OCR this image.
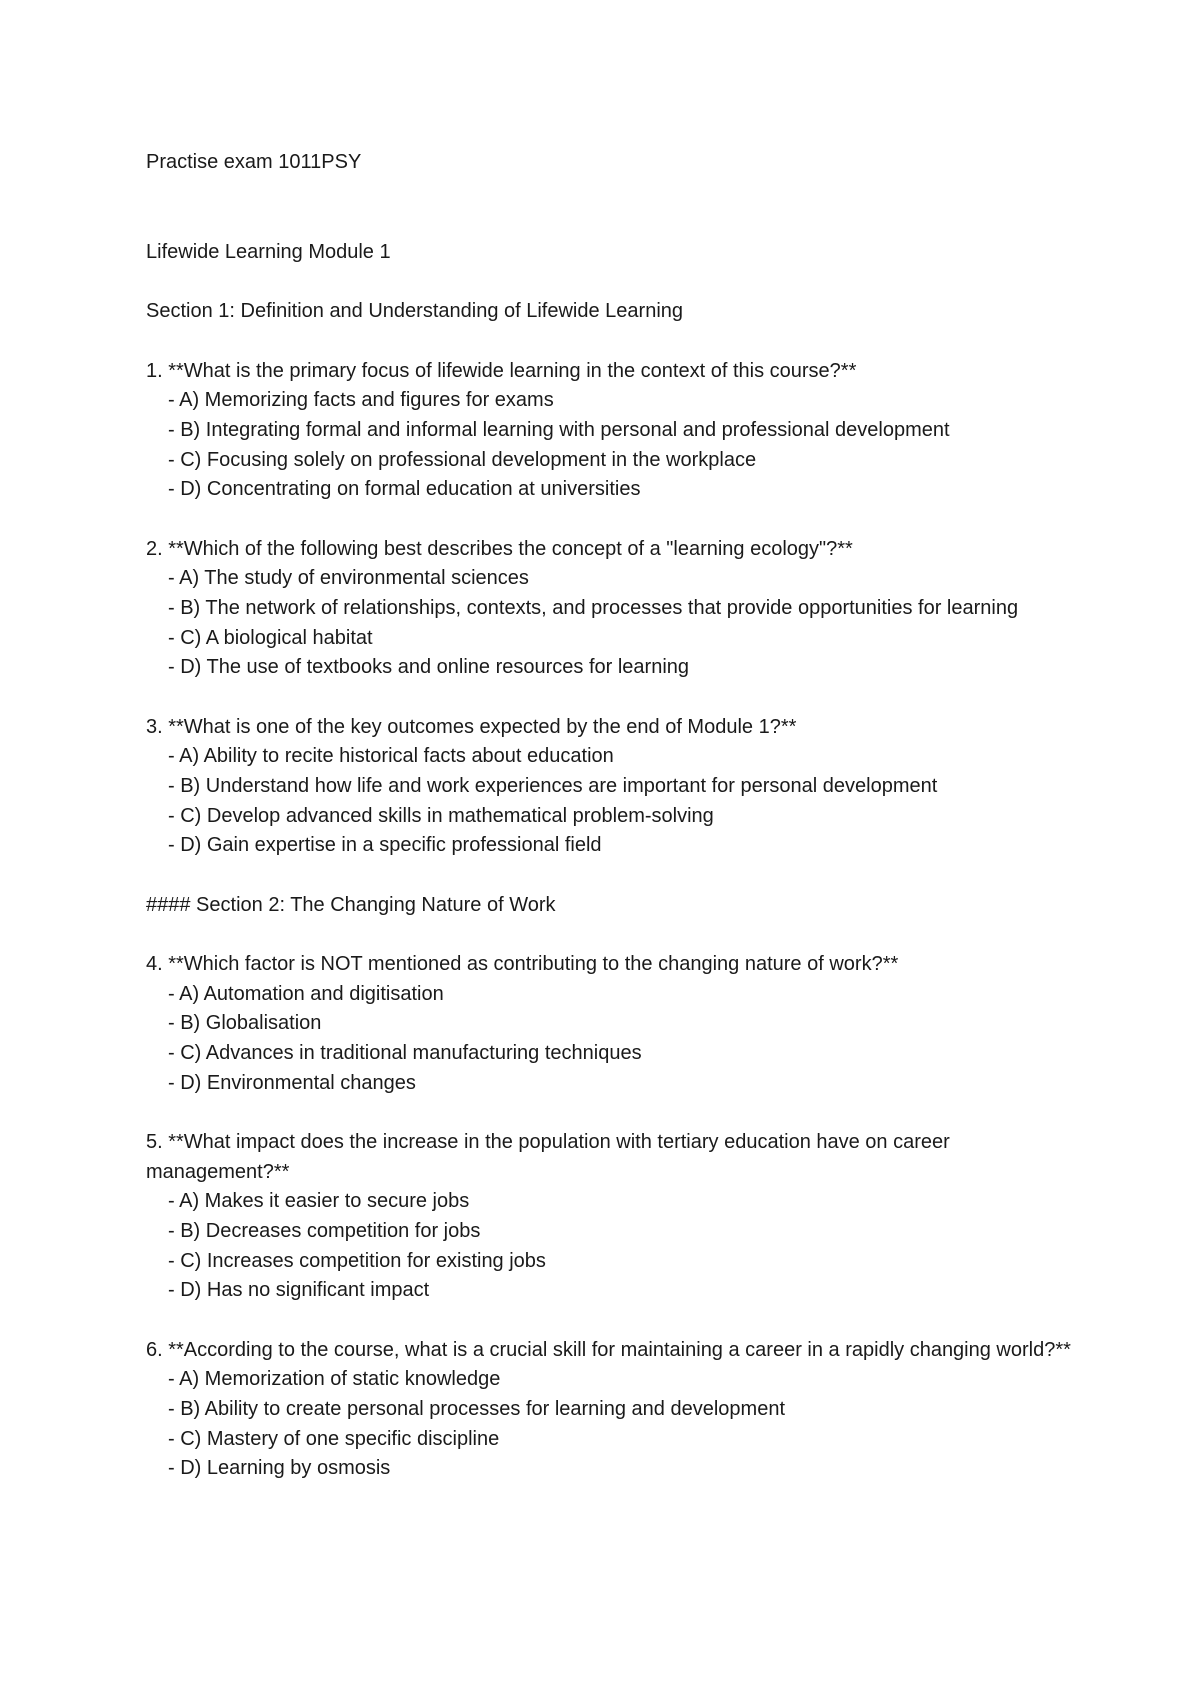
Practise exam 1011PSY

Lifewide Learning Module 1

Section 1: Definition and Understanding of Lifewide Learning

1. **What is the primary focus of lifewide learning in the context of this course?**

- A) Memorizing facts and figures for exams

- B) Integrating formal and informal learning with personal and professional development

- C) Focusing solely on professional development in the workplace

- D) Concentrating on formal education at universities

2. **Which of the following best describes the concept of a "learning ecology"?**

- A) The study of environmental sciences

- B) The network of relationships, contexts, and processes that provide opportunities for learning

- C) A biological habitat

- D) The use of textbooks and online resources for learning

3. **What is one of the key outcomes expected by the end of Module 1?**

- A) Ability to recite historical facts about education

- B) Understand how life and work experiences are important for personal development

- C) Develop advanced skills in mathematical problem-solving

- D) Gain expertise in a specific professional field

#### Section 2: The Changing Nature of Work

4. **Which factor is NOT mentioned as contributing to the changing nature of work?**

- A) Automation and digitisation

- B) Globalisation

- C) Advances in traditional manufacturing techniques

- D) Environmental changes

5. **What impact does the increase in the population with tertiary education have on career management?**

- A) Makes it easier to secure jobs

- B) Decreases competition for jobs

- C) Increases competition for existing jobs

- D) Has no significant impact

6. **According to the course, what is a crucial skill for maintaining a career in a rapidly changing world?**

- A) Memorization of static knowledge

- B) Ability to create personal processes for learning and development

- C) Mastery of one specific discipline

- D) Learning by osmosis
